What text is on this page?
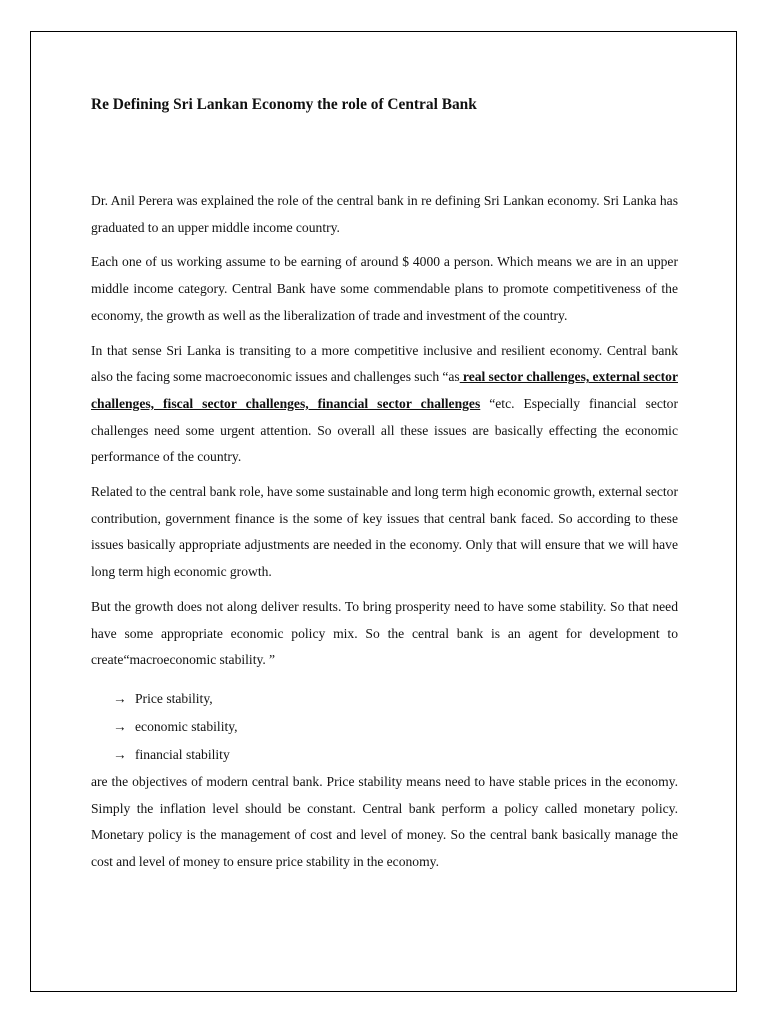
Re Defining Sri Lankan Economy the role of Central Bank

Dr. Anil Perera was explained the role of the central bank in re defining Sri Lankan economy. Sri Lanka has graduated to an upper middle income country.

Each one of us working assume to be earning of around $ 4000 a person. Which means we are in an upper middle income category. Central Bank have some commendable plans to promote competitiveness of the economy, the growth as well as the liberalization of trade and investment of the country.

In that sense Sri Lanka is transiting to a more competitive inclusive and resilient economy. Central bank also the facing some macroeconomic issues and challenges such “as real sector challenges, external sector challenges, fiscal sector challenges, financial sector challenges “etc. Especially financial sector challenges need some urgent attention. So overall all these issues are basically effecting the economic performance of the country.

Related to the central bank role, have some sustainable and long term high economic growth, external sector contribution, government finance is the some of key issues that central bank faced. So according to these issues basically appropriate adjustments are needed in the economy. Only that will ensure that we will have long term high economic growth.

But the growth does not along deliver results. To bring prosperity need to have some stability. So that need have some appropriate economic policy mix. So the central bank is an agent for development to create“macroeconomic stability. ”

→ Price stability,
→ economic stability,
→ financial stability

are the objectives of modern central bank. Price stability means need to have stable prices in the economy. Simply the inflation level should be constant. Central bank perform a policy called monetary policy. Monetary policy is the management of cost and level of money. So the central bank basically manage the cost and level of money to ensure price stability in the economy.
